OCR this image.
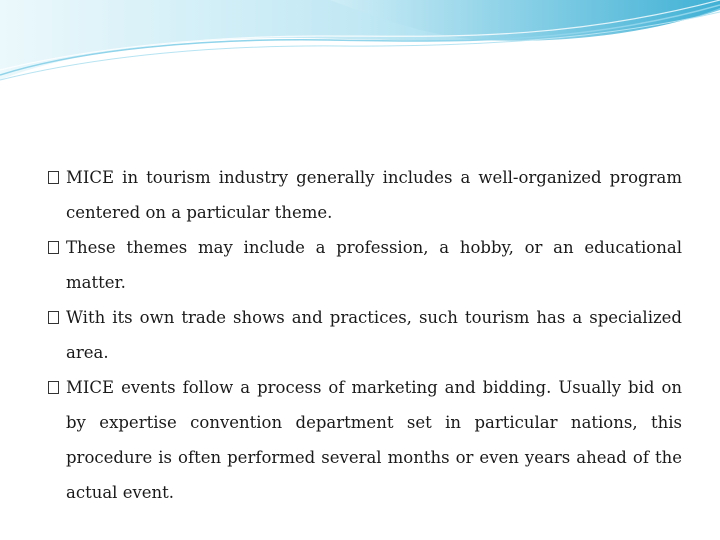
MICE in tourism industry generally includes a well-organized program centered on a particular theme.
These themes may include a profession, a hobby, or an educational matter.
With its own trade shows and practices, such tourism has a specialized area.
MICE events follow a process of marketing and bidding. Usually bid on by expertise convention department set in particular nations, this procedure is often performed several months or even years ahead of the actual event.
